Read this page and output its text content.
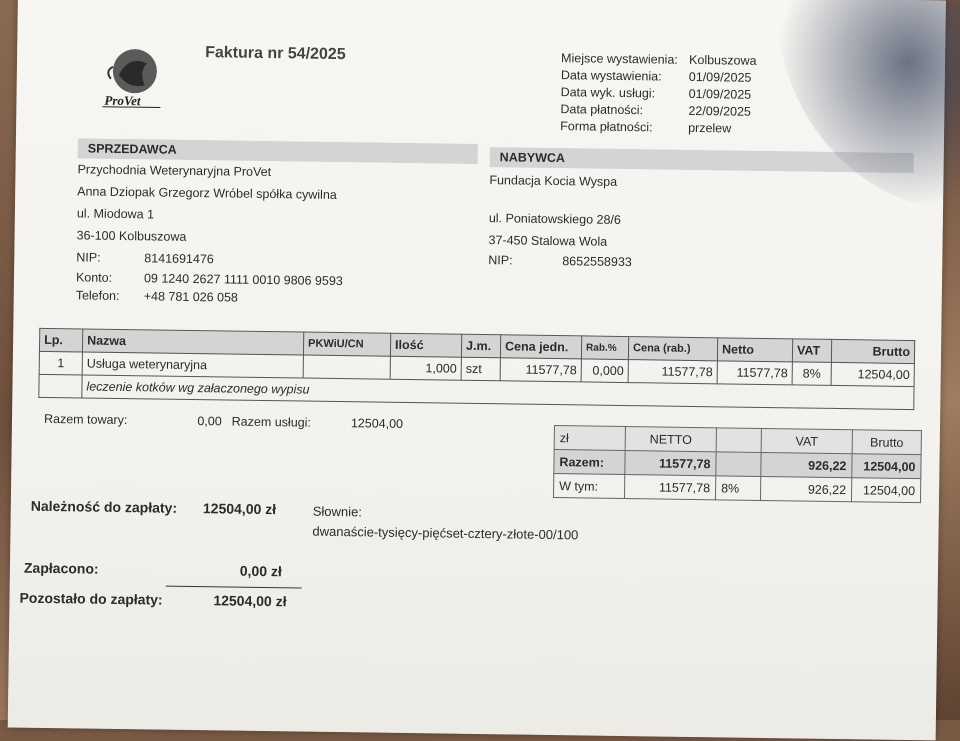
ProVet
Faktura nr 54/2025	Miejsce wystawienia: Kolbuszowa
Data wystawienia:	01/09/2025
Data wyk. usługi:	01/09/2025
Data płatności:	22/09/2025
Forma płatności:	przelew
SPRZEDAWCA
Przychodnia Weterynaryjna ProVet
Anna Dziopak Grzegorz Wróbel spółka cywilna
ul. Miodowa 1
36-100 Kolbuszowa
NIP:	8141691476
Konto:	09 1240 2627 1111 0010 9806 9593
Telefon:	+48 781 026 058
NABYWCA
Fundacja Kocia Wyspa
ul. Poniatowskiego 28/6
37-450 Stalowa Wola
NIP:	8652558933
Lp.	Nazwa	PKWiU/CN	Ilość	J.m.	Cena jedn.	Rab.%	Cena (rab.)	Netto	VAT	Brutto
1	Usługa weterynaryjna		1,000	szt	11577,78	0,000	11577,78	11577,78	8%	12504,00
	leczenie kotków wg załaczonego wypisu									
Razem towary:	0,00 Razem usługi:	12504,00
zł	NETTO		VAT	Brutto
Razem:	11577,78		926,22	12504,00
W tym:	11577,78	8%	926,22	12504,00
Należność do zapłaty: 12504,00 zł	Słownie:
dwanaście-tysięcy-pięćset-cztery-złote-00/100
Zapłacono:	0,00 zł
Pozostało do zapłaty:	12504,00 zł
